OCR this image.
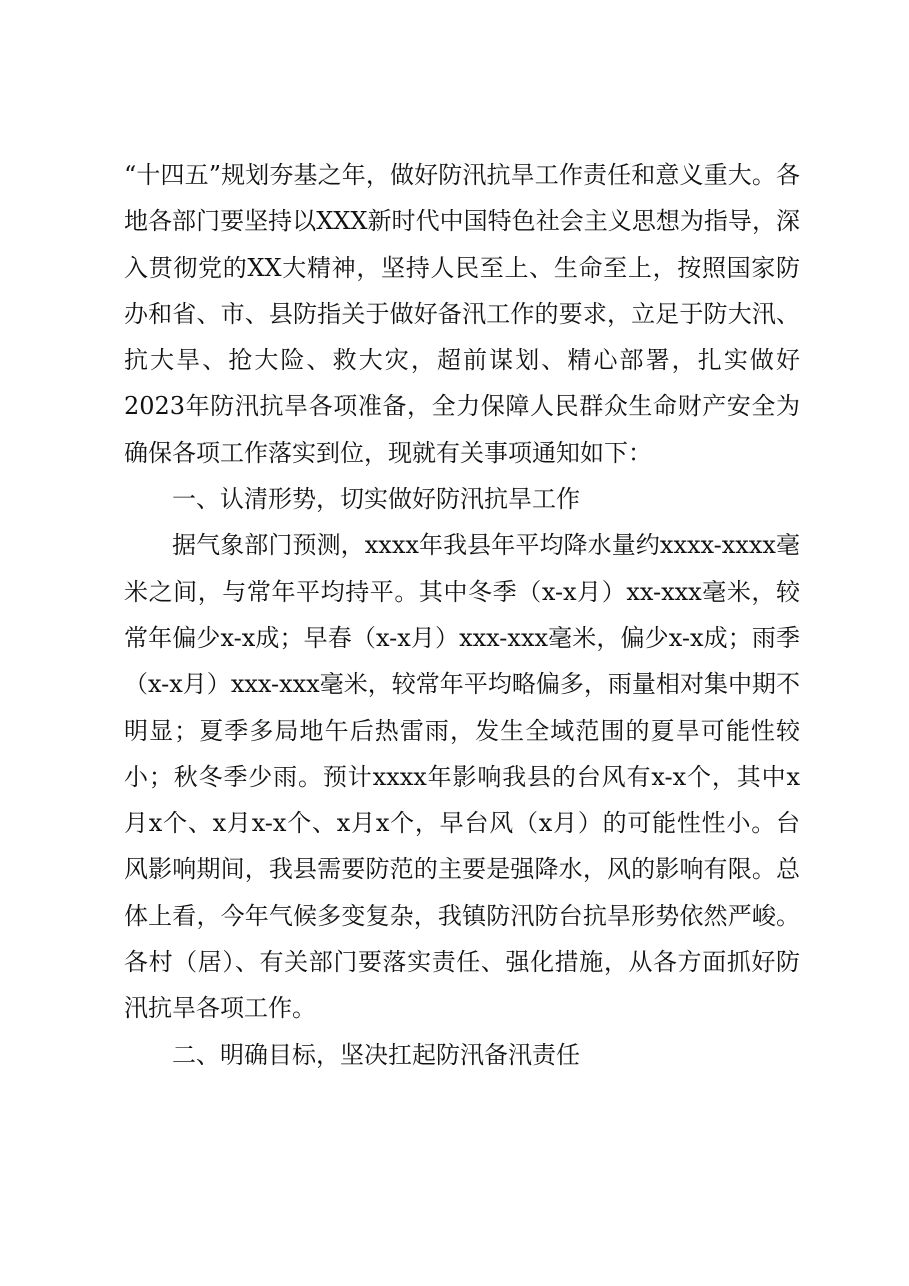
“十四五”规划夯基之年，做好防汛抗旱工作责任和意义重大。各地各部门要坚持以XXX新时代中国特色社会主义思想为指导，深入贯彻党的XX大精神，坚持人民至上、生命至上，按照国家防办和省、市、县防指关于做好备汛工作的要求，立足于防大汛、抗大旱、抢大险、救大灾，超前谋划、精心部署，扎实做好2023年防汛抗旱各项准备，全力保障人民群众生命财产安全为确保各项工作落实到位，现就有关事项通知如下：

一、认清形势，切实做好防汛抗旱工作

据气象部门预测，xxxx年我县年平均降水量约xxxx-xxxx毫米之间，与常年平均持平。其中冬季（x-x月）xx-xxx毫米，较常年偏少x-x成；早春（x-x月）xxx-xxx毫米，偏少x-x成；雨季（x-x月）xxx-xxx毫米，较常年平均略偏多，雨量相对集中期不明显；夏季多局地午后热雷雨，发生全域范围的夏旱可能性较小；秋冬季少雨。预计xxxx年影响我县的台风有x-x个，其中x月x个、x月x-x个、x月x个，早台风（x月）的可能性性小。台风影响期间，我县需要防范的主要是强降水，风的影响有限。总体上看，今年气候多变复杂，我镇防汛防台抗旱形势依然严峻。各村（居）、有关部门要落实责任、强化措施，从各方面抓好防汛抗旱各项工作。

二、明确目标，坚决扛起防汛备汛责任
